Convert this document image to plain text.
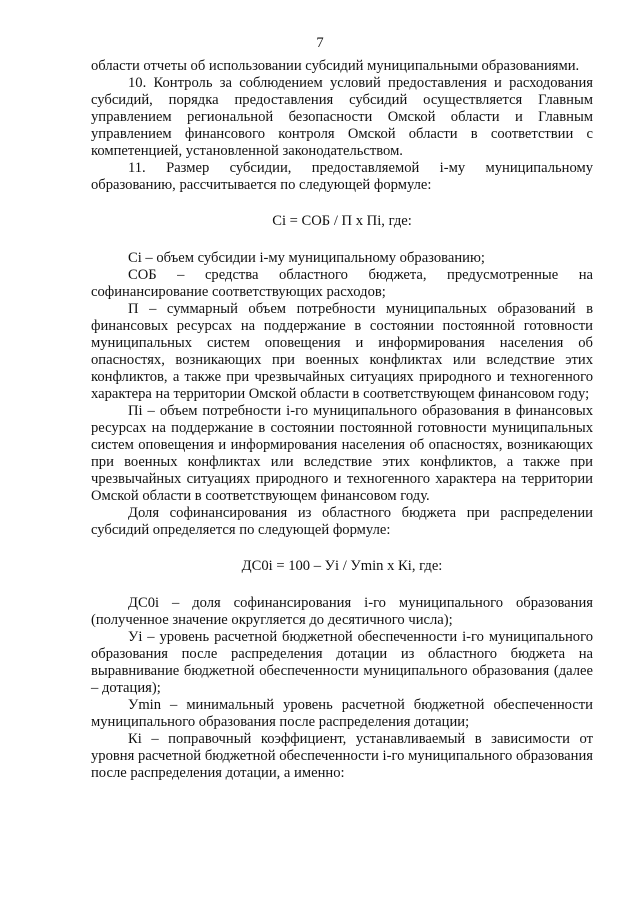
7

области отчеты об использовании субсидий муниципальными образованиями.

10. Контроль за соблюдением условий предоставления и расходования субсидий, порядка предоставления субсидий осуществляется Главным управлением региональной безопасности Омской области и Главным управлением финансового контроля Омской области в соответствии с компетенцией, установленной законодательством.

11. Размер субсидии, предоставляемой i-му муниципальному образованию, рассчитывается по следующей формуле:

Ci = СОБ / П х Пi, где:

Ci – объем субсидии i-му муниципальному образованию;

СОБ – средства областного бюджета, предусмотренные на софинансирование соответствующих расходов;

П – суммарный объем потребности муниципальных образований в финансовых ресурсах на поддержание в состоянии постоянной готовности муниципальных систем оповещения и информирования населения об опасностях, возникающих при военных конфликтах или вследствие этих конфликтов, а также при чрезвычайных ситуациях природного и техногенного характера на территории Омской области в соответствующем финансовом году;

Пi – объем потребности i-го муниципального образования в финансовых ресурсах на поддержание в состоянии постоянной готовности муниципальных систем оповещения и информирования населения об опасностях, возникающих при военных конфликтах или вследствие этих конфликтов, а также при чрезвычайных ситуациях природного и техногенного характера на территории Омской области в соответствующем финансовом году.

Доля софинансирования из областного бюджета при распределении субсидий определяется по следующей формуле:

ДС0i = 100 – Уi / Уmin х Кi, где:

ДС0i – доля софинансирования i-го муниципального образования (полученное значение округляется до десятичного числа);

Уi – уровень расчетной бюджетной обеспеченности i-го муниципального образования после распределения дотации из областного бюджета на выравнивание бюджетной обеспеченности муниципального образования (далее – дотация);

Уmin – минимальный уровень расчетной бюджетной обеспеченности муниципального образования после распределения дотации;

Кi – поправочный коэффициент, устанавливаемый в зависимости от уровня расчетной бюджетной обеспеченности i-го муниципального образования после распределения дотации, а именно:
